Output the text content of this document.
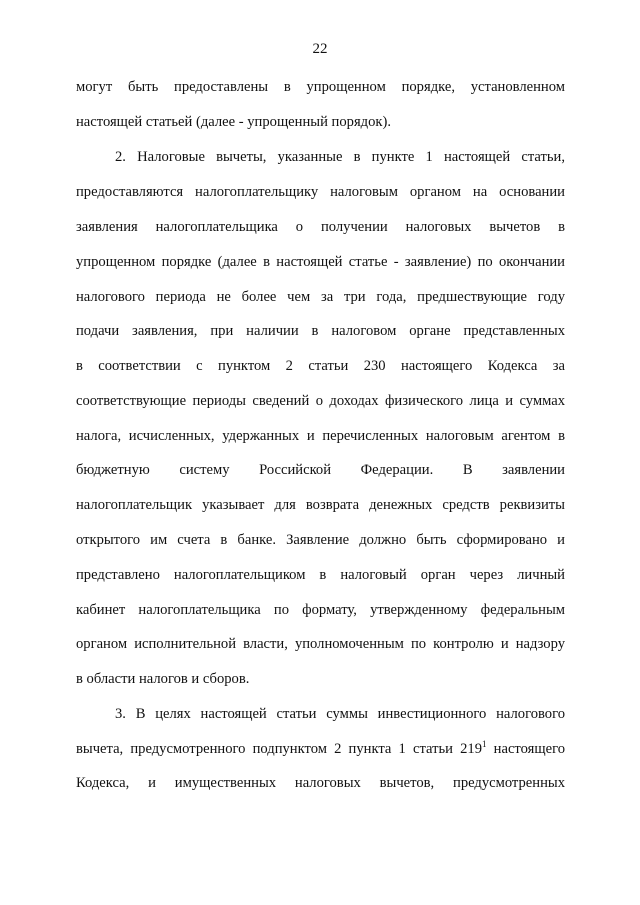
22
могут быть предоставлены в упрощенном порядке, установленном
настоящей статьей (далее - упрощенный порядок).
2. Налоговые вычеты, указанные в пункте 1 настоящей статьи,
предоставляются налогоплательщику налоговым органом на основании
заявления налогоплательщика о получении налоговых вычетов в
упрощенном порядке (далее в настоящей статье - заявление) по окончании
налогового периода не более чем за три года, предшествующие году
подачи заявления, при наличии в налоговом органе представленных
в соответствии с пунктом 2 статьи 230 настоящего Кодекса за
соответствующие периоды сведений о доходах физического лица и суммах
налога, исчисленных, удержанных и перечисленных налоговым агентом в
бюджетную систему Российской Федерации. В заявлении
налогоплательщик указывает для возврата денежных средств реквизиты
открытого им счета в банке. Заявление должно быть сформировано и
представлено налогоплательщиком в налоговый орган через личный
кабинет налогоплательщика по формату, утвержденному федеральным
органом исполнительной власти, уполномоченным по контролю и надзору
в области налогов и сборов.
3. В целях настоящей статьи суммы инвестиционного налогового
вычета, предусмотренного подпунктом 2 пункта 1 статьи $219^1$ настоящего
Кодекса, и имущественных налоговых вычетов, предусмотренных
